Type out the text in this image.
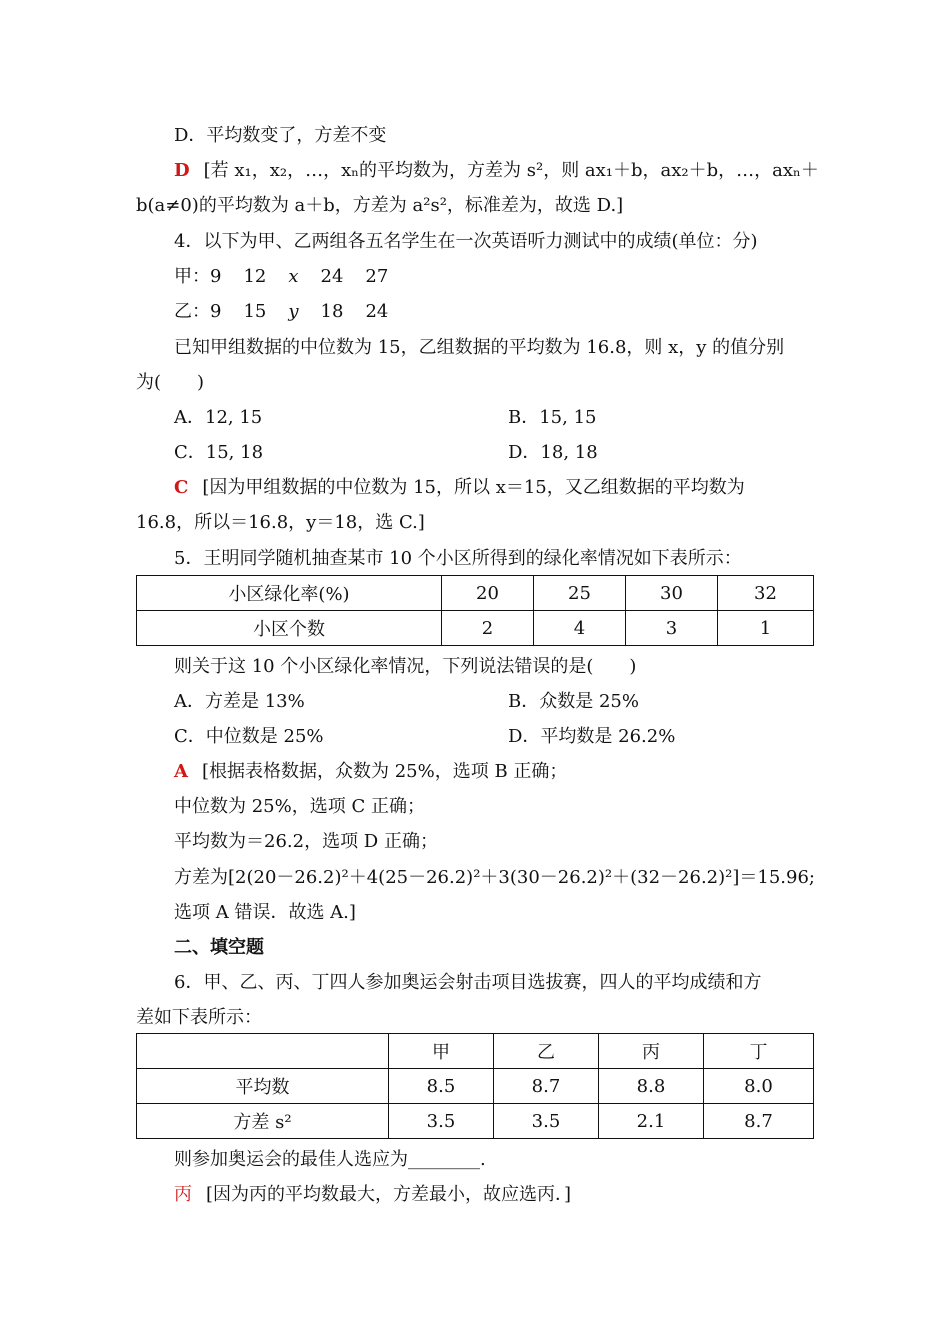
D．平均数变了，方差不变
D [若 x₁，x₂，…，xₙ的平均数为，方差为 s²，则 ax₁＋b，ax₂＋b，…，axₙ＋
b(a≠0)的平均数为 a＋b，方差为 a²s²，标准差为，故选 D.]
4．以下为甲、乙两组各五名学生在一次英语听力测试中的成绩(单位：分)
甲：9 12 x 24 27
乙：9 15 y 18 24
已知甲组数据的中位数为 15，乙组数据的平均数为 16.8，则 x，y 的值分别
为(　　)
A．12, 15	B．15, 15
C．15, 18	D．18, 18
C [因为甲组数据的中位数为 15，所以 x＝15，又乙组数据的平均数为
16.8，所以＝16.8，y＝18，选 C.]
5．王明同学随机抽查某市 10 个小区所得到的绿化率情况如下表所示：
小区绿化率(%)	20	25	30	32
小区个数	2	4	3	1
则关于这 10 个小区绿化率情况，下列说法错误的是(　　)
A．方差是 13%	B．众数是 25%
C．中位数是 25%	D．平均数是 26.2%
A [根据表格数据，众数为 25%，选项 B 正确；
中位数为 25%，选项 C 正确；
平均数为＝26.2，选项 D 正确；
方差为[2(20－26.2)²＋4(25－26.2)²＋3(30－26.2)²＋(32－26.2)²]＝15.96;
选项 A 错误．故选 A.]
二、填空题
6．甲、乙、丙、丁四人参加奥运会射击项目选拔赛，四人的平均成绩和方
差如下表所示：
	甲	乙	丙	丁
平均数	8.5	8.7	8.8	8.0
方差 s²	3.5	3.5	2.1	8.7
则参加奥运会的最佳人选应为________.
丙 [因为丙的平均数最大，方差最小，故应选丙．]
